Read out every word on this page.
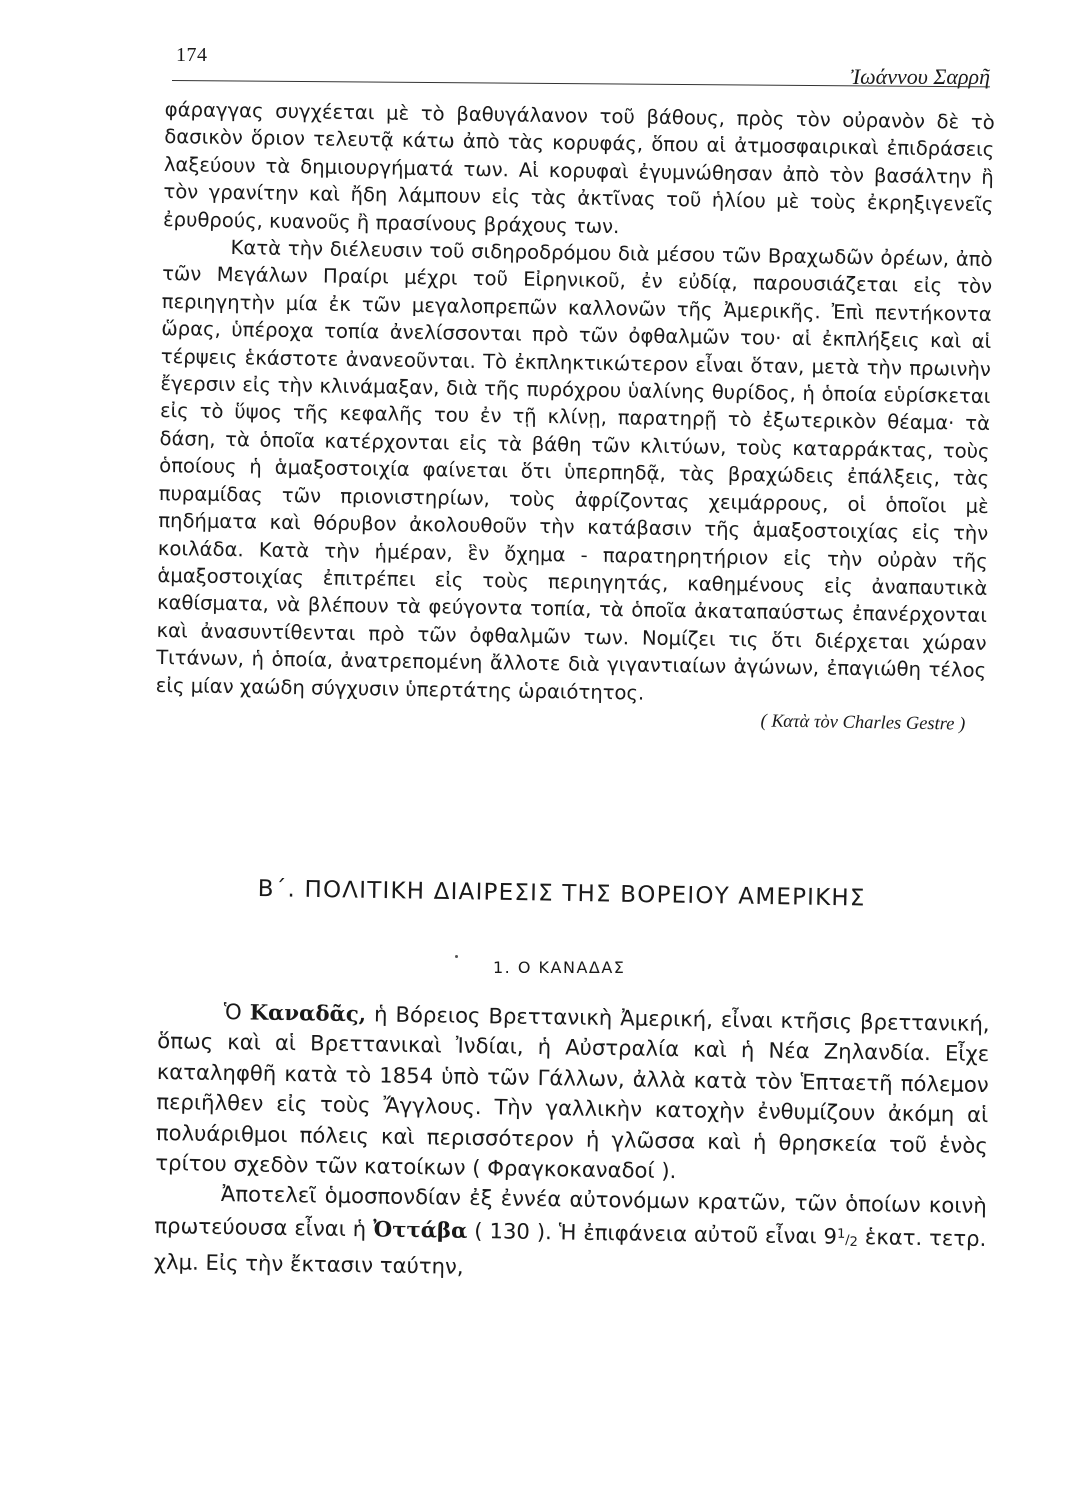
174
Ἰωάννου Σαρρῆ

φάραγγας συγχέεται μὲ τὸ βαθυγάλανον τοῦ βάθους, πρὸς τὸν οὐρανὸν δὲ τὸ δασικὸν ὅριον τελευτᾷ κάτω ἀπὸ τὰς κορυφάς, ὅπου αἱ ἀτμοσφαιρικαὶ ἐπιδράσεις λαξεύουν τὰ δημιουργήματά των. Αἱ κορυφαὶ ἐγυμνώθησαν ἀπὸ τὸν βασάλτην ἢ τὸν γρανίτην καὶ ἤδη λάμπουν εἰς τὰς ἀκτῖνας τοῦ ἡλίου μὲ τοὺς ἐκρηξιγενεῖς ἐρυθρούς, κυανοῦς ἢ πρασίνους βράχους των.

Κατὰ τὴν διέλευσιν τοῦ σιδηροδρόμου διὰ μέσου τῶν Βραχωδῶν ὀρέων, ἀπὸ τῶν Μεγάλων Πραίρι μέχρι τοῦ Εἰρηνικοῦ, ἐν εὐδίᾳ, παρουσιάζεται εἰς τὸν περιηγητὴν μία ἐκ τῶν μεγαλοπρεπῶν καλλονῶν τῆς Ἀμερικῆς. Ἐπὶ πεντήκοντα ὥρας, ὑπέροχα τοπία ἀνελίσσονται πρὸ τῶν ὀφθαλμῶν του· αἱ ἐκπλήξεις καὶ αἱ τέρψεις ἑκάστοτε ἀνανεοῦνται. Τὸ ἐκπληκτικώτερον εἶναι ὅταν, μετὰ τὴν πρωινὴν ἔγερσιν εἰς τὴν κλινάμαξαν, διὰ τῆς πυρόχρου ὑαλίνης θυρίδος, ἡ ὁποία εὑρίσκεται εἰς τὸ ὕψος τῆς κεφαλῆς του ἐν τῇ κλίνῃ, παρατηρῇ τὸ ἐξωτερικὸν θέαμα· τὰ δάση, τὰ ὁποῖα κατέρχονται εἰς τὰ βάθη τῶν κλιτύων, τοὺς καταρράκτας, τοὺς ὁποίους ἡ ἁμαξοστοιχία φαίνεται ὅτι ὑπερπηδᾷ, τὰς βραχώδεις ἐπάλξεις, τὰς πυραμίδας τῶν πριονιστηρίων, τοὺς ἀφρίζοντας χειμάρρους, οἱ ὁποῖοι μὲ πηδήματα καὶ θόρυβον ἀκολουθοῦν τὴν κατάβασιν τῆς ἁμαξοστοιχίας εἰς τὴν κοιλάδα. Κατὰ τὴν ἡμέραν, ἓν ὄχημα - παρατηρητήριον εἰς τὴν οὐρὰν τῆς ἁμαξοστοιχίας ἐπιτρέπει εἰς τοὺς περιηγητάς, καθημένους εἰς ἀναπαυτικὰ καθίσματα, νὰ βλέπουν τὰ φεύγοντα τοπία, τὰ ὁποῖα ἀκαταπαύστως ἐπανέρχονται καὶ ἀνασυντίθενται πρὸ τῶν ὀφθαλμῶν των. Νομίζει τις ὅτι διέρχεται χώραν Τιτάνων, ἡ ὁποία, ἀνατρεπομένη ἄλλοτε διὰ γιγαντιαίων ἀγώνων, ἐπαγιώθη τέλος εἰς μίαν χαώδη σύγχυσιν ὑπερτάτης ὡραιότητος.

( Κατὰ τὸν Charles Gestre )
Β΄. ΠΟΛΙΤΙΚΗ ΔΙΑΙΡΕΣΙΣ ΤΗΣ ΒΟΡΕΙΟΥ ΑΜΕΡΙΚΗΣ
1. Ο ΚΑΝΑΔΑΣ

Ὁ Καναδᾶς, ἡ Βόρειος Βρεττανικὴ Ἀμερική, εἶναι κτῆσις βρεττανική, ὅπως καὶ αἱ Βρεττανικαὶ Ἰνδίαι, ἡ Αὐστραλία καὶ ἡ Νέα Ζηλανδία. Εἶχε καταληφθῆ κατὰ τὸ 1854 ὑπὸ τῶν Γάλλων, ἀλλὰ κατὰ τὸν Ἑπταετῆ πόλεμον περιῆλθεν εἰς τοὺς Ἄγγλους. Τὴν γαλλικὴν κατοχὴν ἐνθυμίζουν ἀκόμη αἱ πολυάριθμοι πόλεις καὶ περισσότερον ἡ γλῶσσα καὶ ἡ θρησκεία τοῦ ἑνὸς τρίτου σχεδὸν τῶν κατοίκων ( Φραγκοκαναδοί ).

Ἀποτελεῖ ὁμοσπονδίαν ἐξ ἐννέα αὐτονόμων κρατῶν, τῶν ὁποίων κοινὴ πρωτεύουσα εἶναι ἡ Ὀττάβα ( 130 ). Ἡ ἐπιφάνεια αὐτοῦ εἶναι 91/2 ἑκατ. τετρ. χλμ. Εἰς τὴν ἔκτασιν ταύτην,
